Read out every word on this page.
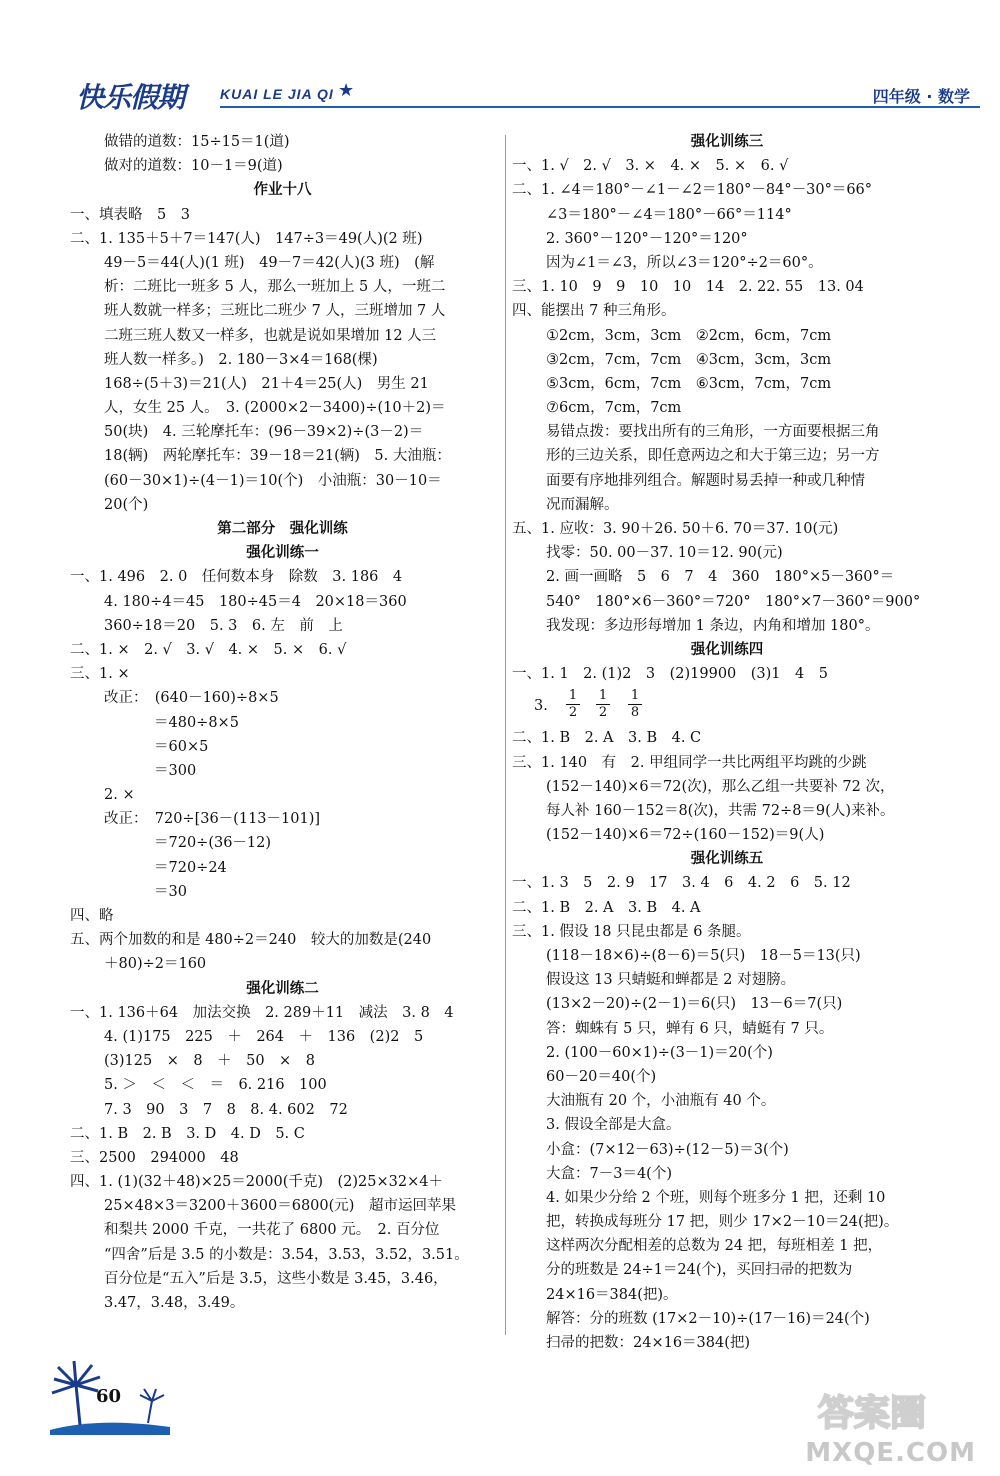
快乐假期	KUAI LE JIA QI ★	四年级 · 数学
做错的道数：15÷15＝1(道)
做对的道数：10－1＝9(道)
作业十八
一、填表略　5　3
二、1. 135＋5＋7＝147(人)　147÷3＝49(人)(2 班)
49－5＝44(人)(1 班)　49－7＝42(人)(3 班)　(解
析：二班比一班多 5 人，那么一班加上 5 人，一班二
班人数就一样多；三班比二班少 7 人，三班增加 7 人
二班三班人数又一样多，也就是说如果增加 12 人三
班人数一样多。)　2. 180－3×4＝168(棵)
168÷(5＋3)＝21(人)　21＋4＝25(人)　男生 21
人，女生 25 人。　3. (2000×2－3400)÷(10＋2)＝
50(块)　4. 三轮摩托车：(96－39×2)÷(3－2)＝
18(辆)　两轮摩托车：39－18＝21(辆)　5. 大油瓶：
(60－30×1)÷(4－1)＝10(个)　小油瓶：30－10＝
20(个)
第二部分　强化训练
强化训练一
一、1. 496　2. 0　任何数本身　除数　3. 186　4
4. 180÷4＝45　180÷45＝4　20×18＝360
360÷18＝20　5. 3　6. 左　前　上
二、1. ×　2. √　3. √　4. ×　5. ×　6. √
三、1. ×
改正：　(640－160)÷8×5
＝480÷8×5
＝60×5
＝300
2. ×
改正：　720÷[36－(113－101)]
＝720÷(36－12)
＝720÷24
＝30
四、略
五、两个加数的和是 480÷2＝240　较大的加数是(240
＋80)÷2＝160
强化训练二
一、1. 136＋64　加法交换　2. 289＋11　减法　3. 8　4
4. (1)175　225　＋　264　＋　136　(2)2　5
(3)125　×　8　＋　50　×　8
5. ＞　＜　＜　＝　6. 216　100
7. 3　90　3　7　8　8. 4. 602　72
二、1. B　2. B　3. D　4. D　5. C
三、2500　294000　48
四、1. (1)(32＋48)×25＝2000(千克)　(2)25×32×4＋
25×48×3＝3200＋3600＝6800(元)　超市运回苹果
和梨共 2000 千克，一共花了 6800 元。　2. 百分位
“四舍”后是 3.5 的小数是：3.54，3.53，3.52，3.51。
百分位是“五入”后是 3.5，这些小数是 3.45，3.46，
3.47，3.48，3.49。
强化训练三
一、1. √　2. √　3. ×　4. ×　5. ×　6. √
二、1. ∠4＝180°－∠1－∠2＝180°－84°－30°＝66°
∠3＝180°－∠4＝180°－66°＝114°
2. 360°－120°－120°＝120°
因为∠1＝∠3，所以∠3＝120°÷2＝60°。
三、1. 10　9　9　10　10　14　2. 22. 55　13. 04
四、能摆出 7 种三角形。
①2cm，3cm，3cm　②2cm，6cm，7cm
③2cm，7cm，7cm　④3cm，3cm，3cm
⑤3cm，6cm，7cm　⑥3cm，7cm，7cm
⑦6cm，7cm，7cm
易错点拨：要找出所有的三角形，一方面要根据三角
形的三边关系，即任意两边之和大于第三边；另一方
面要有序地排列组合。解题时易丢掉一种或几种情
况而漏解。
五、1. 应收：3. 90＋26. 50＋6. 70＝37. 10(元)
找零：50. 00－37. 10＝12. 90(元)
2. 画一画略　5　6　7　4　360　180°×5－360°＝
540°　180°×6－360°＝720°　180°×7－360°＝900°
我发现：多边形每增加 1 条边，内角和增加 180°。
强化训练四
一、1. 1　2. (1)2　3　(2)19900　(3)1　4　5
3. $\frac{1}{2} \frac{1}{2} \frac{1}{8}$
二、1. B　2. A　3. B　4. C
三、1. 140　有　2. 甲组同学一共比两组平均跳的少跳
(152－140)×6＝72(次)，那么乙组一共要补 72 次，
每人补 160－152＝8(次)，共需 72÷8＝9(人)来补。
(152－140)×6＝72÷(160－152)＝9(人)
强化训练五
一、1. 3　5　2. 9　17　3. 4　6　4. 2　6　5. 12
二、1. B　2. A　3. B　4. A
三、1. 假设 18 只昆虫都是 6 条腿。
(118－18×6)÷(8－6)＝5(只)　18－5＝13(只)
假设这 13 只蜻蜓和蝉都是 2 对翅膀。
(13×2－20)÷(2－1)＝6(只)　13－6＝7(只)
答：蜘蛛有 5 只，蝉有 6 只，蜻蜓有 7 只。
2. (100－60×1)÷(3－1)＝20(个)
60－20＝40(个)
大油瓶有 20 个，小油瓶有 40 个。
3. 假设全部是大盒。
小盒：(7×12－63)÷(12－5)＝3(个)
大盒：7－3＝4(个)
4. 如果少分给 2 个班，则每个班多分 1 把，还剩 10
把，转换成每班分 17 把，则少 17×2－10＝24(把)。
这样两次分配相差的总数为 24 把，每班相差 1 把，
分的班数是 24÷1＝24(个)，买回扫帚的把数为
24×16＝384(把)。
解答：分的班数 (17×2－10)÷(17－16)＝24(个)
扫帚的把数：24×16＝384(把)
60	答案圈
MXQE.COM
